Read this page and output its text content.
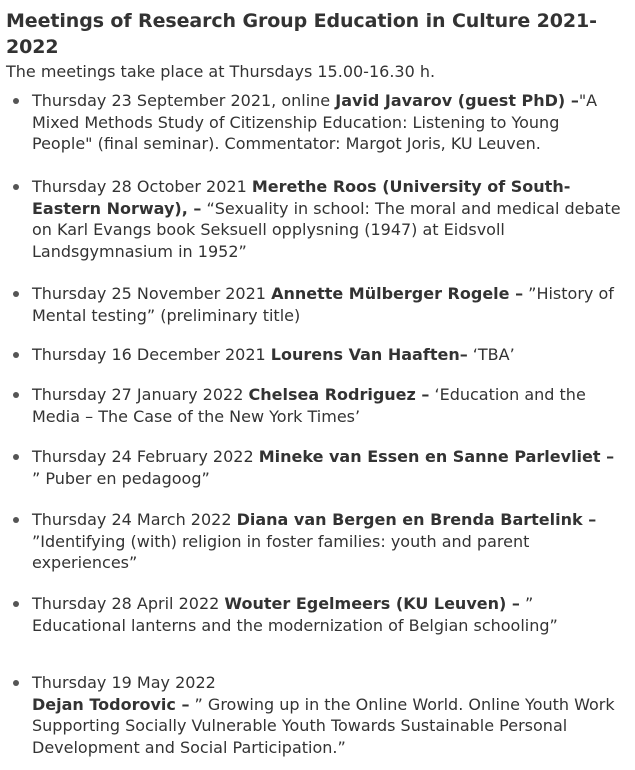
Meetings of Research Group Education in Culture 2021-2022

The meetings take place at Thursdays 15.00-16.30 h.

Thursday 23 September 2021, online Javid Javarov (guest PhD) –"A Mixed Methods Study of Citizenship Education: Listening to Young People" (final seminar). Commentator: Margot Joris, KU Leuven.
Thursday 28 October 2021 Merethe Roos (University of South-Eastern Norway), – “Sexuality in school: The moral and medical debate on Karl Evangs book Seksuell opplysning (1947) at Eidsvoll Landsgymnasium in 1952”
Thursday 25 November 2021 Annette Mülberger Rogele – ”History of Mental testing” (preliminary title)
Thursday 16 December 2021 Lourens Van Haaften– ‘TBA’
Thursday 27 January 2022 Chelsea Rodriguez – ‘Education and the Media – The Case of the New York Times’
Thursday 24 February 2022 Mineke van Essen en Sanne Parlevliet – ” Puber en pedagoog”
Thursday 24 March 2022 Diana van Bergen en Brenda Bartelink – ”Identifying (with) religion in foster families: youth and parent experiences”
Thursday 28 April 2022 Wouter Egelmeers (KU Leuven) – ” Educational lanterns and the modernization of Belgian schooling”
Thursday 19 May 2022
Dejan Todorovic – ” Growing up in the Online World. Online Youth Work Supporting Socially Vulnerable Youth Towards Sustainable Personal Development and Social Participation.”
